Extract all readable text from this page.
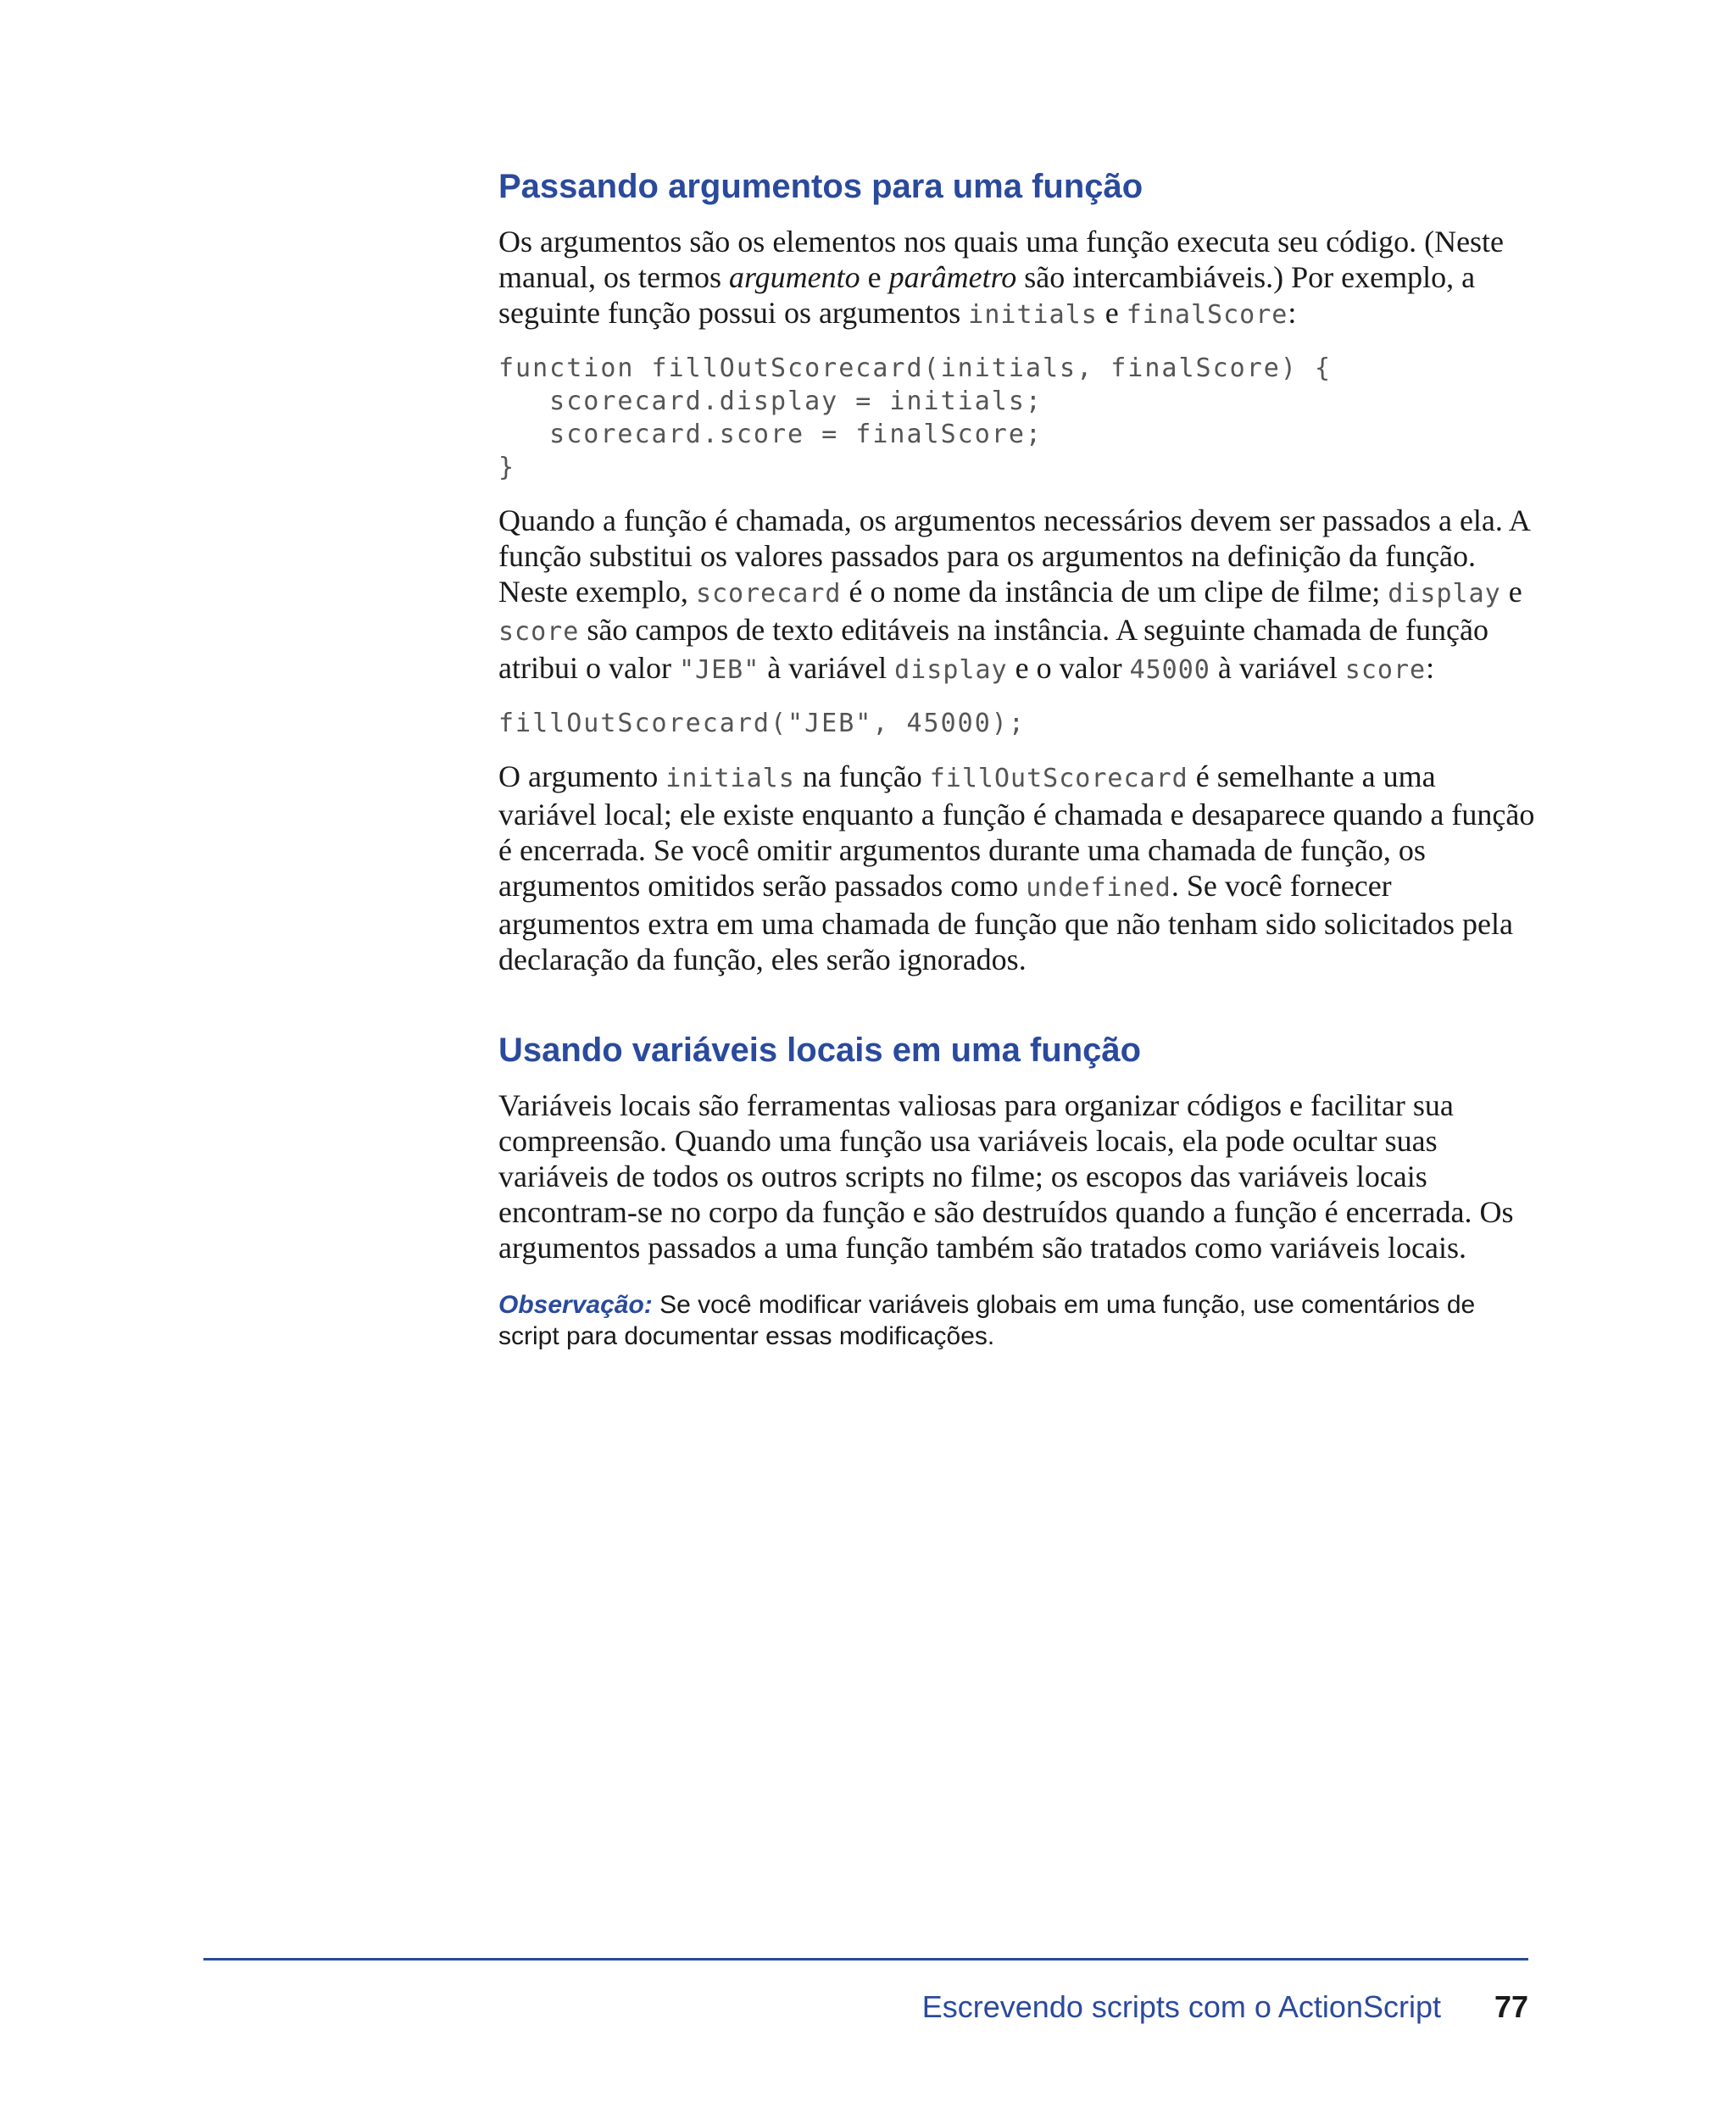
Passando argumentos para uma função

Os argumentos são os elementos nos quais uma função executa seu código. (Neste manual, os termos argumento e parâmetro são intercambiáveis.) Por exemplo, a seguinte função possui os argumentos initials e finalScore:

function fillOutScorecard(initials, finalScore) {
scorecard.display = initials;
scorecard.score = finalScore;
}

Quando a função é chamada, os argumentos necessários devem ser passados a ela. A função substitui os valores passados para os argumentos na definição da função. Neste exemplo, scorecard é o nome da instância de um clipe de filme; display e score são campos de texto editáveis na instância. A seguinte chamada de função atribui o valor "JEB" à variável display e o valor 45000 à variável score:

fillOutScorecard("JEB", 45000);

O argumento initials na função fillOutScorecard é semelhante a uma variável local; ele existe enquanto a função é chamada e desaparece quando a função é encerrada. Se você omitir argumentos durante uma chamada de função, os argumentos omitidos serão passados como undefined. Se você fornecer argumentos extra em uma chamada de função que não tenham sido solicitados pela declaração da função, eles serão ignorados.

Usando variáveis locais em uma função

Variáveis locais são ferramentas valiosas para organizar códigos e facilitar sua compreensão. Quando uma função usa variáveis locais, ela pode ocultar suas variáveis de todos os outros scripts no filme; os escopos das variáveis locais encontram-se no corpo da função e são destruídos quando a função é encerrada. Os argumentos passados a uma função também são tratados como variáveis locais.

Observação: Se você modificar variáveis globais em uma função, use comentários de script para documentar essas modificações.

Escrevendo scripts com o ActionScript 77
